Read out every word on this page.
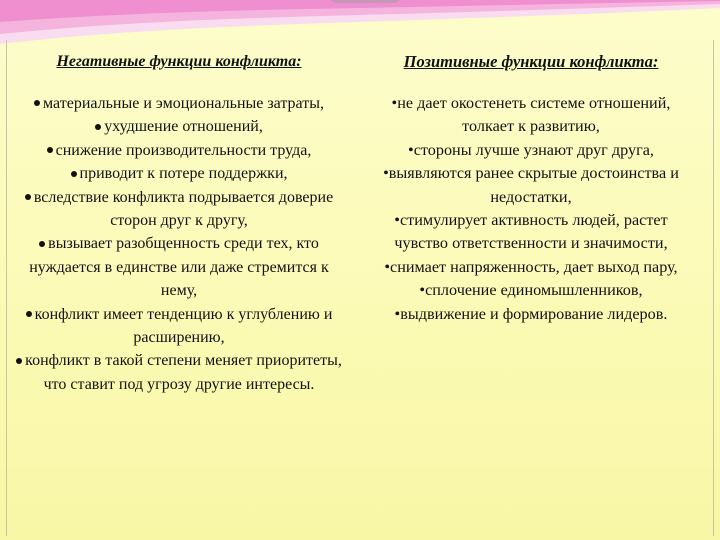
Негативные функции конфликта:
материальные и эмоциональные затраты,
ухудшение отношений,
снижение производительности труда,
приводит к потере поддержки,
вследствие конфликта подрывается доверие сторон друг к другу,
вызывает разобщенность среди тех, кто нуждается в единстве или даже стремится к нему,
конфликт имеет тенденцию к углублению и расширению,
конфликт в такой степени меняет приоритеты, что ставит под угрозу другие интересы.
Позитивные функции конфликта:
•не дает окостенеть системе отношений, толкает к развитию,
•стороны лучше узнают друг друга,
•выявляются ранее скрытые достоинства и недостатки,
•стимулирует активность людей, растет чувство ответственности и значимости,
•снимает напряженность, дает выход пару,
•сплочение единомышленников,
•выдвижение и формирование лидеров.
